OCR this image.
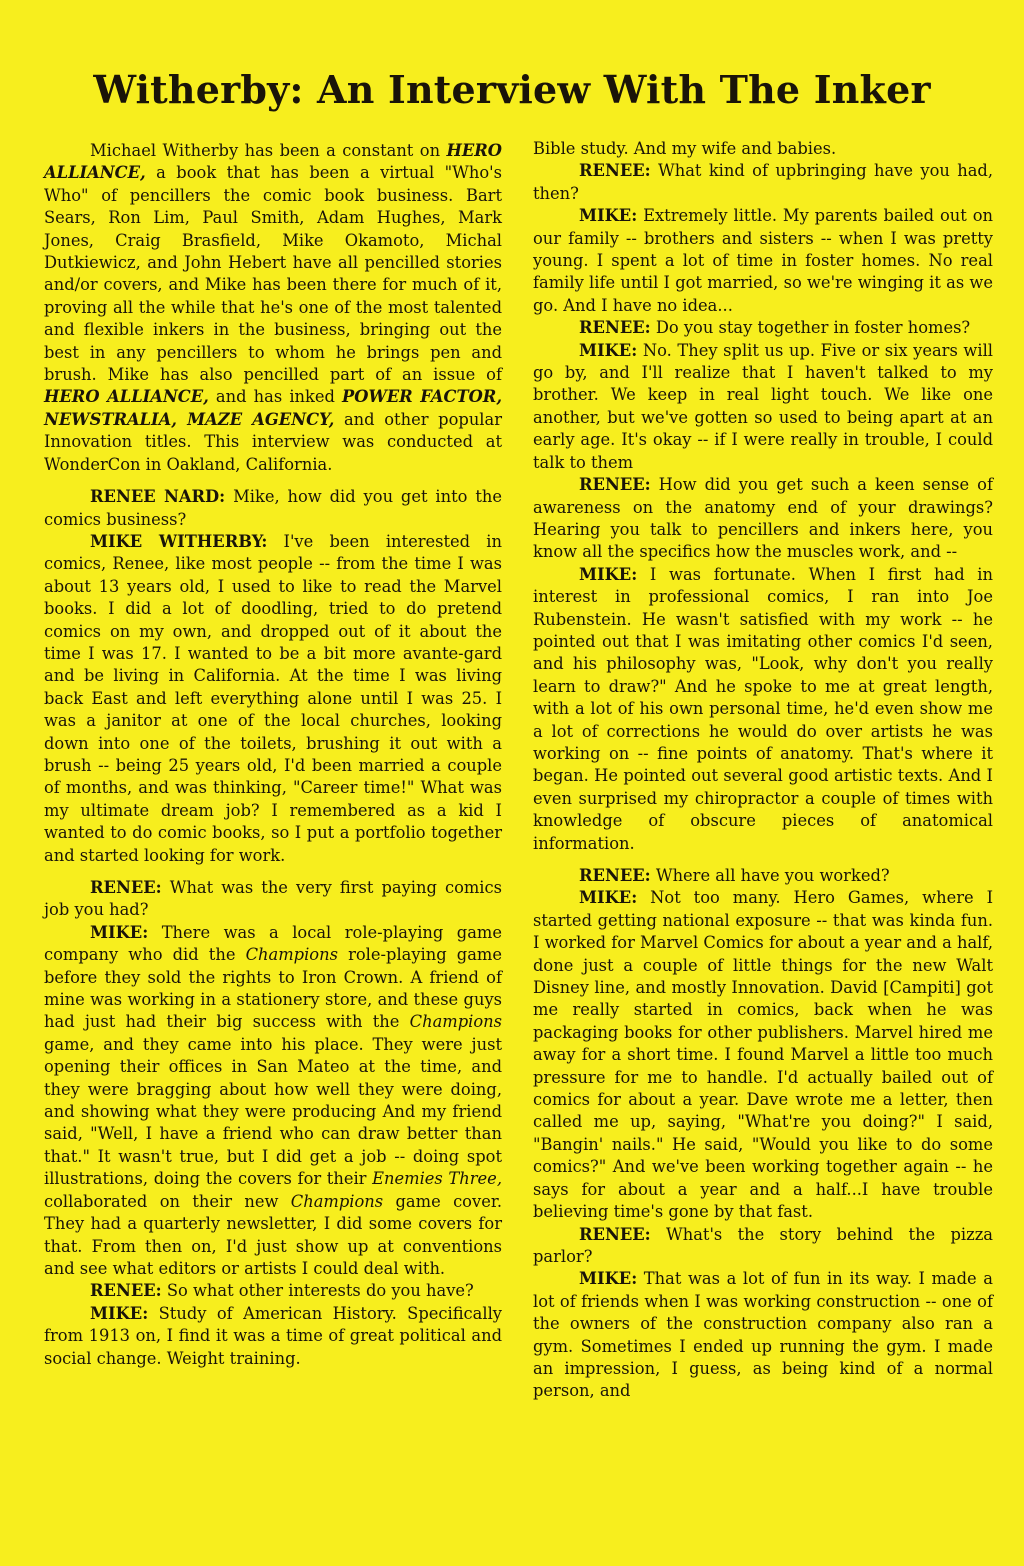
Witherby: An Interview With The Inker

Michael Witherby has been a constant on HERO ALLIANCE, a book that has been a virtual "Who's Who" of pencillers the comic book business. Bart Sears, Ron Lim, Paul Smith, Adam Hughes, Mark Jones, Craig Brasfield, Mike Okamoto, Michal Dutkiewicz, and John Hebert have all pencilled stories and/or covers, and Mike has been there for much of it, proving all the while that he's one of the most talented and flexible inkers in the business, bringing out the best in any pencillers to whom he brings pen and brush. Mike has also pencilled part of an issue of HERO ALLIANCE, and has inked POWER FACTOR, NEWSTRALIA, MAZE AGENCY, and other popular Innovation titles. This interview was conducted at WonderCon in Oakland, California.

RENEE NARD: Mike, how did you get into the comics business?

MIKE WITHERBY: I've been interested in comics, Renee, like most people -- from the time I was about 13 years old, I used to like to read the Marvel books. I did a lot of doodling, tried to do pretend comics on my own, and dropped out of it about the time I was 17. I wanted to be a bit more avante-gard and be living in California. At the time I was living back East and left everything alone until I was 25. I was a janitor at one of the local churches, looking down into one of the toilets, brushing it out with a brush -- being 25 years old, I'd been married a couple of months, and was thinking, "Career time!" What was my ultimate dream job? I remembered as a kid I wanted to do comic books, so I put a portfolio together and started looking for work.

RENEE: What was the very first paying comics job you had?

MIKE: There was a local role-playing game company who did the Champions role-playing game before they sold the rights to Iron Crown. A friend of mine was working in a stationery store, and these guys had just had their big success with the Champions game, and they came into his place. They were just opening their offices in San Mateo at the time, and they were bragging about how well they were doing, and showing what they were producing And my friend said, "Well, I have a friend who can draw better than that." It wasn't true, but I did get a job -- doing spot illustrations, doing the covers for their Enemies Three, collaborated on their new Champions game cover. They had a quarterly newsletter, I did some covers for that. From then on, I'd just show up at conventions and see what editors or artists I could deal with.

RENEE: So what other interests do you have?

MIKE: Study of American History. Specifically from 1913 on, I find it was a time of great political and social change. Weight training.

Bible study. And my wife and babies.

RENEE: What kind of upbringing have you had, then?

MIKE: Extremely little. My parents bailed out on our family -- brothers and sisters -- when I was pretty young. I spent a lot of time in foster homes. No real family life until I got married, so we're winging it as we go. And I have no idea...

RENEE: Do you stay together in foster homes?

MIKE: No. They split us up. Five or six years will go by, and I'll realize that I haven't talked to my brother. We keep in real light touch. We like one another, but we've gotten so used to being apart at an early age. It's okay -- if I were really in trouble, I could talk to them

RENEE: How did you get such a keen sense of awareness on the anatomy end of your drawings? Hearing you talk to pencillers and inkers here, you know all the specifics how the muscles work, and --

MIKE: I was fortunate. When I first had in interest in professional comics, I ran into Joe Rubenstein. He wasn't satisfied with my work -- he pointed out that I was imitating other comics I'd seen, and his philosophy was, "Look, why don't you really learn to draw?" And he spoke to me at great length, with a lot of his own personal time, he'd even show me a lot of corrections he would do over artists he was working on -- fine points of anatomy. That's where it began. He pointed out several good artistic texts. And I even surprised my chiropractor a couple of times with knowledge of obscure pieces of anatomical information.

RENEE: Where all have you worked?

MIKE: Not too many. Hero Games, where I started getting national exposure -- that was kinda fun. I worked for Marvel Comics for about a year and a half, done just a couple of little things for the new Walt Disney line, and mostly Innovation. David [Campiti] got me really started in comics, back when he was packaging books for other publishers. Marvel hired me away for a short time. I found Marvel a little too much pressure for me to handle. I'd actually bailed out of comics for about a year. Dave wrote me a letter, then called me up, saying, "What're you doing?" I said, "Bangin' nails." He said, "Would you like to do some comics?" And we've been working together again -- he says for about a year and a half...I have trouble believing time's gone by that fast.

RENEE: What's the story behind the pizza parlor?

MIKE: That was a lot of fun in its way. I made a lot of friends when I was working construction -- one of the owners of the construction company also ran a gym. Sometimes I ended up running the gym. I made an impression, I guess, as being kind of a normal person, and
